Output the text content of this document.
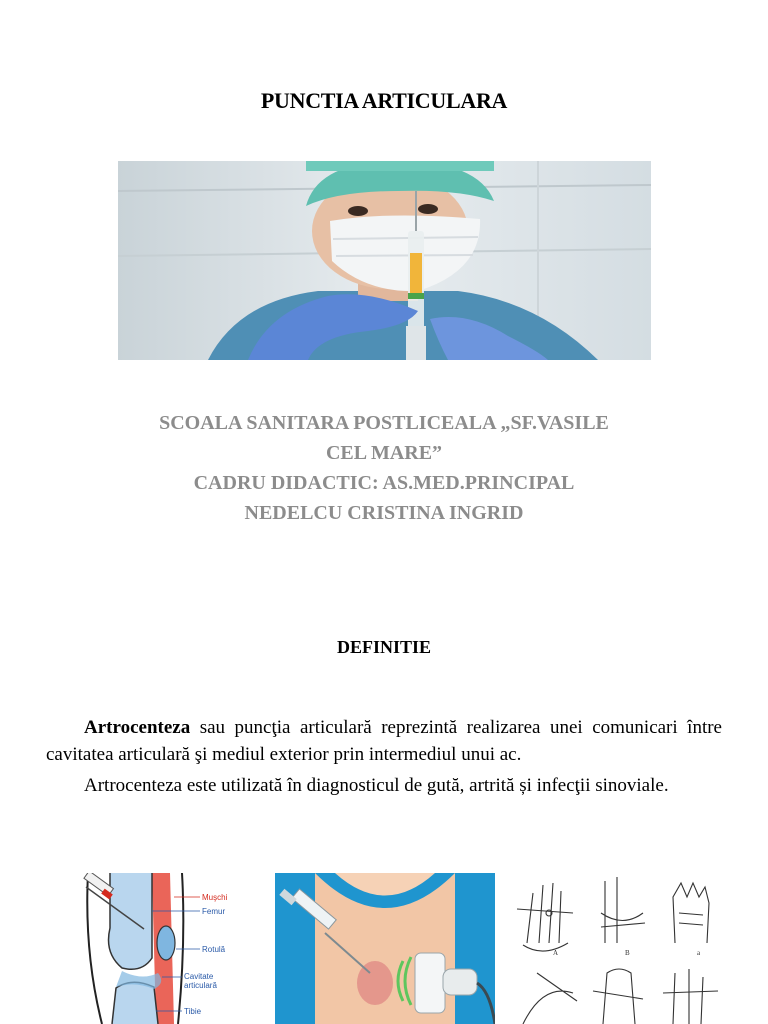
PUNCTIA ARTICULARA
SCOALA SANITARA POSTLICEALA „SF.VASILE
CEL MARE”
CADRU DIDACTIC: AS.MED.PRINCIPAL
NEDELCU CRISTINA INGRID
DEFINITIE

Artrocenteza sau puncţia articulară reprezintă realizarea unei comunicari între cavitatea articulară şi mediul exterior prin intermediul unui ac.

Artrocenteza este utilizată în diagnosticul de gută, artrită și infecţii sinoviale.

Muşchi
Femur
Rotulă
Cavitate
articulară
Tibie
A	B	a
